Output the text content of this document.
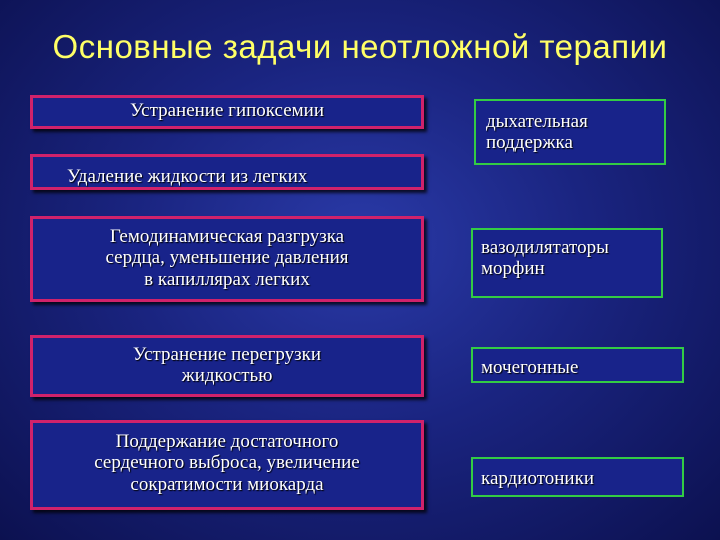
Основные задачи неотложной терапии
Устранение гипоксемии
Удаление жидкости из легких
Гемодинамическая разгрузка
сердца, уменьшение давления
в капиллярах легких
Устранение перегрузки
жидкостью
Поддержание достаточного
сердечного выброса, увеличение
сократимости миокарда
дыхательная
поддержка
вазодилятаторы
морфин
мочегонные
кардиотоники
